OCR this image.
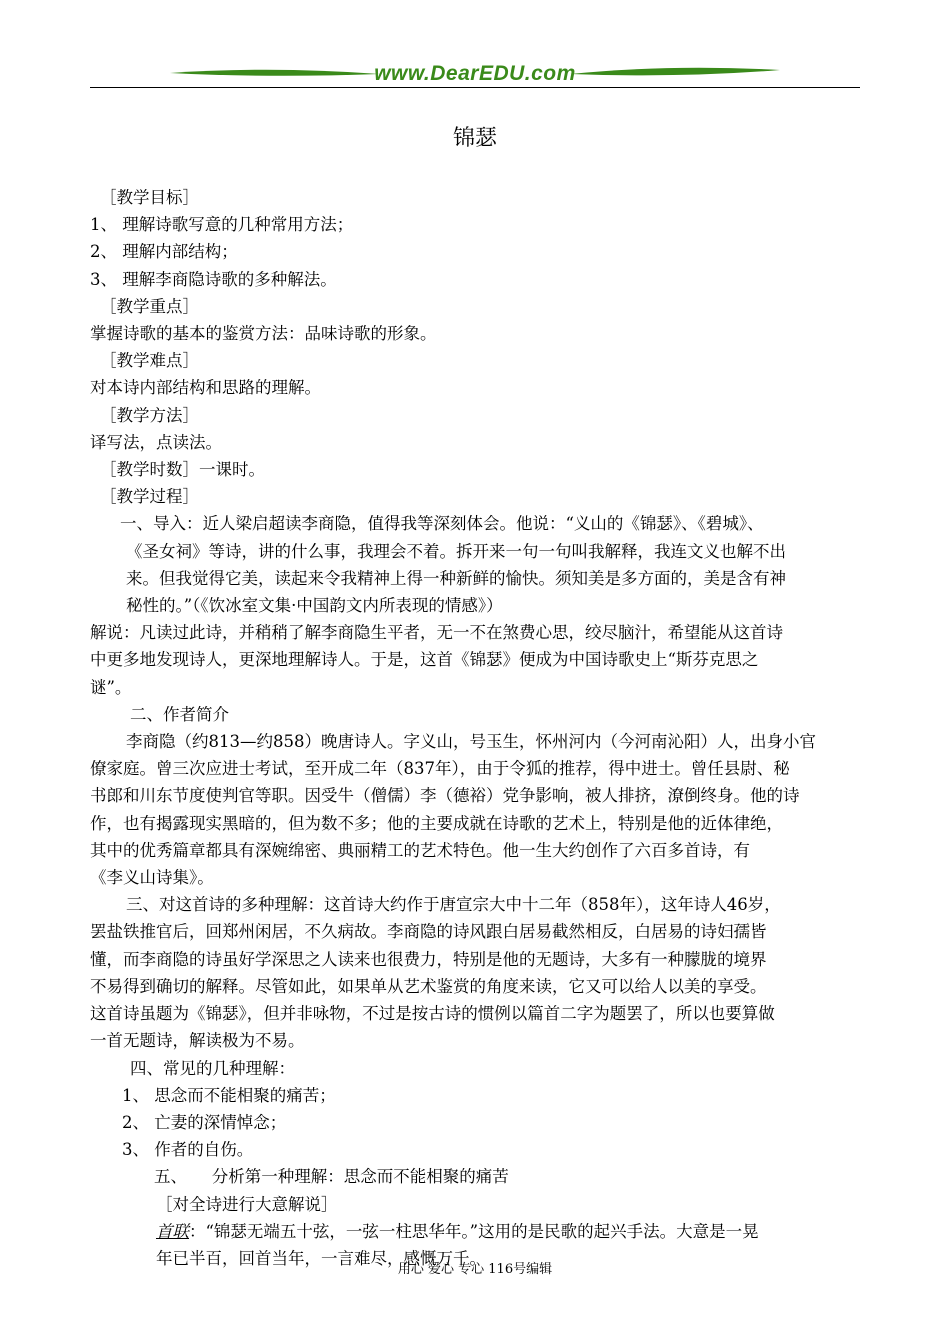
www.DearEDU.com
锦瑟

［教学目标］

1、 理解诗歌写意的几种常用方法；

2、 理解内部结构；

3、 理解李商隐诗歌的多种解法。

［教学重点］

掌握诗歌的基本的鉴赏方法：品味诗歌的形象。

［教学难点］

对本诗内部结构和思路的理解。

［教学方法］

译写法，点读法。

［教学时数］一课时。

［教学过程］

一、导入：近人梁启超读李商隐，值得我等深刻体会。他说：“义山的《锦瑟》、《碧城》、

《圣女祠》等诗，讲的什么事，我理会不着。拆开来一句一句叫我解释，我连文义也解不出

来。但我觉得它美，读起来令我精神上得一种新鲜的愉快。须知美是多方面的，美是含有神

秘性的。”（《饮冰室文集·中国韵文内所表现的情感》）

解说：凡读过此诗，并稍稍了解李商隐生平者，无一不在煞费心思，绞尽脑汁，希望能从这首诗

中更多地发现诗人，更深地理解诗人。于是，这首《锦瑟》便成为中国诗歌史上“斯芬克思之

谜”。

二、作者简介

李商隐（约813—约858）晚唐诗人。字义山，号玉生，怀州河内（今河南沁阳）人，出身小官

僚家庭。曾三次应进士考试，至开成二年（837年），由于令狐的推荐，得中进士。曾任县尉、秘

书郎和川东节度使判官等职。因受牛（僧儒）李（德裕）党争影响，被人排挤，潦倒终身。他的诗

作，也有揭露现实黑暗的，但为数不多；他的主要成就在诗歌的艺术上，特别是他的近体律绝，

其中的优秀篇章都具有深婉绵密、典丽精工的艺术特色。他一生大约创作了六百多首诗，有

《李义山诗集》。

三、对这首诗的多种理解：这首诗大约作于唐宣宗大中十二年（858年），这年诗人46岁，

罢盐铁推官后，回郑州闲居，不久病故。李商隐的诗风跟白居易截然相反，白居易的诗妇孺皆

懂，而李商隐的诗虽好学深思之人读来也很费力，特别是他的无题诗，大多有一种朦胧的境界

不易得到确切的解释。尽管如此，如果单从艺术鉴赏的角度来读，它又可以给人以美的享受。

这首诗虽题为《锦瑟》，但并非咏物，不过是按古诗的惯例以篇首二字为题罢了，所以也要算做

一首无题诗，解读极为不易。

四、常见的几种理解：

1、 思念而不能相聚的痛苦；

2、 亡妻的深情悼念；

3、 作者的自伤。

五、　　分析第一种理解：思念而不能相聚的痛苦

［对全诗进行大意解说］

首联：“锦瑟无端五十弦，一弦一柱思华年。”这用的是民歌的起兴手法。大意是一晃

年已半百，回首当年，一言难尽，感慨万千。

用心 爱心 专心 116号编辑
